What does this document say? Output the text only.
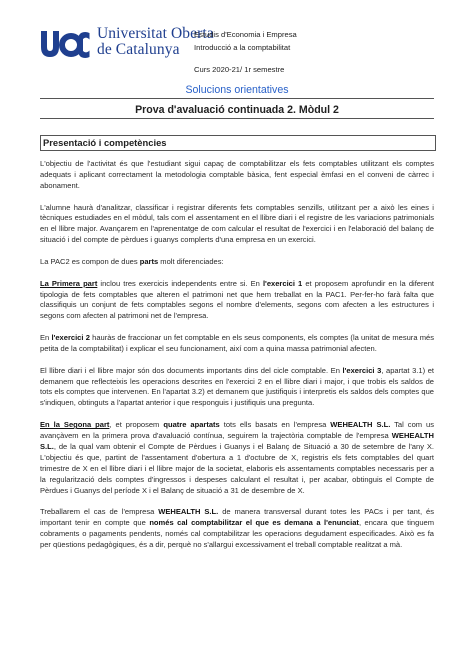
Universitat Oberta
de Catalunya
Estudis d'Economia i Empresa
Introducció a la comptabilitat
Curs 2020-21/ 1r semestre
Solucions orientatives
Prova d'avaluació continuada 2. Mòdul 2
Presentació i competències

L'objectiu de l'activitat és que l'estudiant sigui capaç de comptabilitzar els fets comptables utilitzant els comptes adequats i aplicant correctament la metodologia comptable bàsica, fent especial èmfasi en el conveni de càrrec i abonament.

L'alumne haurà d'analitzar, classificar i registrar diferents fets comptables senzills, utilitzant per a això les eines i tècniques estudiades en el mòdul, tals com el assentament en el llibre diari i el registre de les variacions patrimonials en el llibre major. Avançarem en l'aprenentatge de com calcular el resultat de l'exercici i en l'elaboració del balanç de situació i del compte de pèrdues i guanys complerts d'una empresa en un exercici.

La PAC2 es compon de dues parts molt diferenciades:

La Primera part inclou tres exercicis independents entre si. En l'exercici 1 et proposem aprofundir en la diferent tipologia de fets comptables que alteren el patrimoni net que hem treballat en la PAC1. Per-fer-ho farà falta que classifiquis un conjunt de fets comptables segons el nombre d'elements, segons com afecten a les estructures i segons com afecten al patrimoni net de l'empresa.

En l'exercici 2 hauràs de fraccionar un fet comptable en els seus components, els comptes (la unitat de mesura més petita de la comptabilitat) i explicar el seu funcionament, així com a quina massa patrimonial afecten.

El llibre diari i el llibre major són dos documents importants dins del cicle comptable. En l'exercici 3, apartat 3.1) et demanem que reflecteixis les operacions descrites en l'exercici 2 en el llibre diari i major, i que trobis els saldos de tots els comptes que intervenen. En l'apartat 3.2) et demanem que justifiquis i interpretis els saldos dels comptes que s'indiquen, obtinguts a l'apartat anterior i que responguis i justifiquis una pregunta.

En la Segona part, et proposem quatre apartats tots ells basats en l'empresa WEHEALTH S.L. Tal com us avançàvem en la primera prova d'avaluació contínua, seguirem la trajectòria comptable de l'empresa WEHEALTH S.L., de la qual vam obtenir el Compte de Pèrdues i Guanys i el Balanç de Situació a 30 de setembre de l'any X. L'objectiu és que, partint de l'assentament d'obertura a 1 d'octubre de X, registris els fets comptables del quart trimestre de X en el llibre diari i el llibre major de la societat, elaboris els assentaments comptables necessaris per a la regularització dels comptes d'ingressos i despeses calculant el resultat i, per acabar, obtinguis el Compte de Pèrdues i Guanys del període X i el Balanç de situació a 31 de desembre de X.

Treballarem el cas de l'empresa WEHEALTH S.L. de manera transversal durant totes les PACs i per tant, és important tenir en compte que només cal comptabilitzar el que es demana a l'enunciat, encara que tinguem cobraments o pagaments pendents, només cal comptabilitzar les operacions degudament especificades. Això es fa per qüestions pedagògiques, és a dir, perquè no s'allargui excessivament el treball comptable realitzat a mà.
